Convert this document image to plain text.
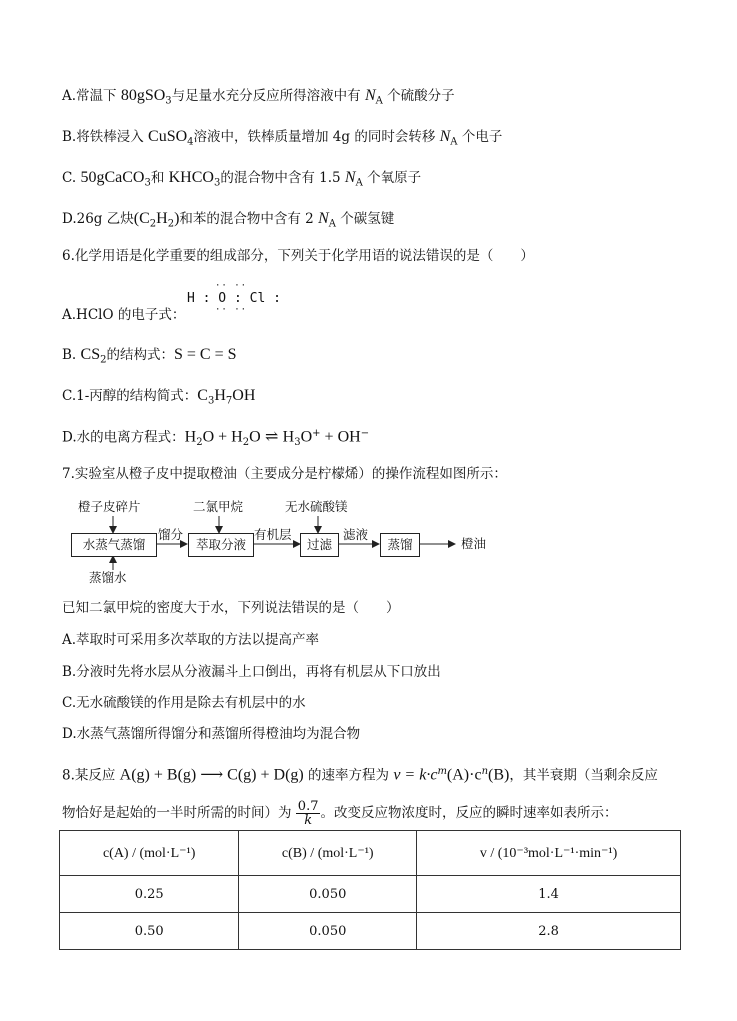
A.常温下 80gSO$_3$与足量水充分反应所得溶液中有 $N_A$ 个硫酸分子
B.将铁棒浸入 CuSO$_4$溶液中，铁棒质量增加 4g 的同时会转移 $N_A$ 个电子
C. 50gCaCO$_3$和 $KHCO_3$的混合物中含有 1.5 $N_A$ 个氧原子
D.26g 乙炔$(C_2H_2)$和苯的混合物中含有 2 $N_A$ 个碳氢键
6.化学用语是化学重要的组成部分，下列关于化学用语的说法错误的是（　　）
A.HClO 的电子式：
·· ··
H : O : Cl :
·· ··
B. $CS_2$的结构式：S = C = S
C.1-丙醇的结构简式：$C_3H_7OH$
D.水的电离方程式：$H_2O + H_2O$ ⇌ $H_3O^+ + OH^-$
7.实验室从橙子皮中提取橙油（主要成分是柠檬烯）的操作流程如图所示：
橙子皮碎片
水蒸气蒸馏
蒸馏水
馏分
二氯甲烷
萃取分液
有机层
无水硫酸镁
过滤
滤液
蒸馏	橙油
已知二氯甲烷的密度大于水，下列说法错误的是（　　）
A.萃取时可采用多次萃取的方法以提高产率
B.分液时先将水层从分液漏斗上口倒出，再将有机层从下口放出
C.无水硫酸镁的作用是除去有机层中的水
D.水蒸气蒸馏所得馏分和蒸馏所得橙油均为混合物
8.某反应 A(g) + B(g) ⟶ C(g) + D(g) 的速率方程为 $v = k\cdot c^m(A)\cdot c^n(B)$，其半衰期（当剩余反应
物恰好是起始的一半时所需的时间）为 $\frac{0.7}{k}$ 。改变反应物浓度时，反应的瞬时速率如表所示：
c(A) / (mol·L⁻¹)	c(B) / (mol·L⁻¹)	v / (10⁻³mol·L⁻¹·min⁻¹)
0.25	0.050	1.4
0.50	0.050	2.8
